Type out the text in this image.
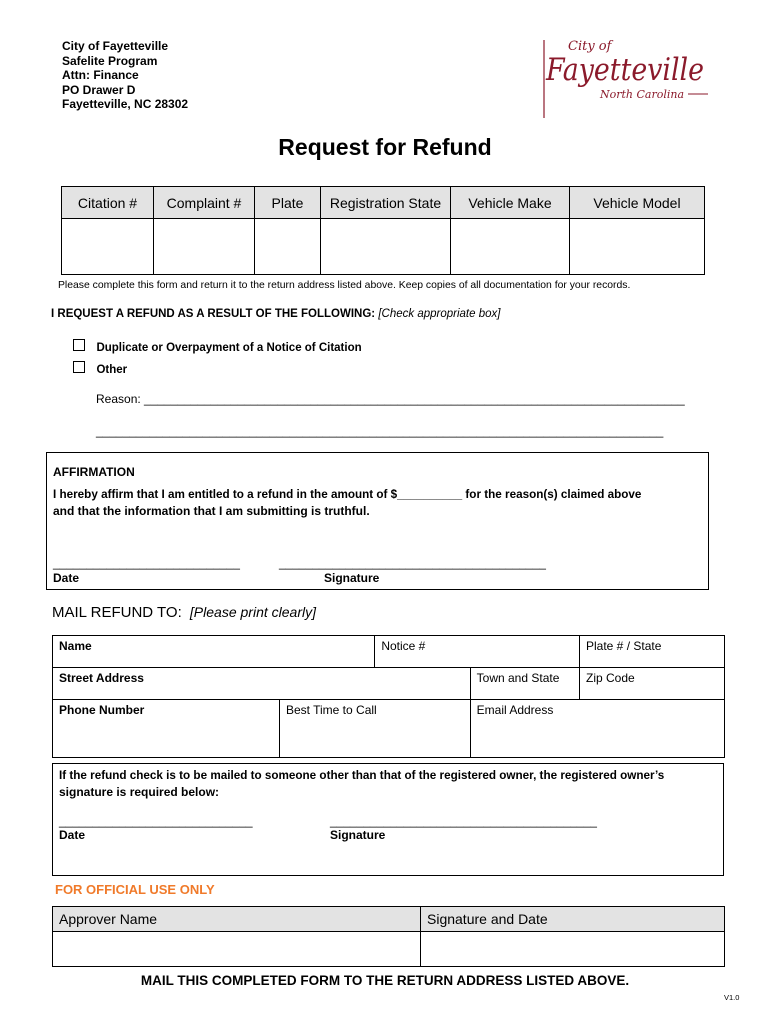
City of Fayetteville
Safelite Program
Attn: Finance
PO Drawer D
Fayetteville, NC 28302
City of
Fayetteville
North Carolina
Request for Refund
Citation #	Complaint #	Plate	Registration State	Vehicle Make	Vehicle Model

Please complete this form and return it to the return address listed above. Keep copies of all documentation for your records.
I REQUEST A REFUND AS A RESULT OF THE FOLLOWING: [Check appropriate box]
Duplicate or Overpayment of a Notice of Citation
Other
Reason: _________________________________________________________________________________
_____________________________________________________________________________________
AFFIRMATION
I hereby affirm that I am entitled to a refund in the amount of $__________ for the reason(s) claimed above
and that the information that I am submitting is truthful.
____________________________	________________________________________
Date	Signature
MAIL REFUND TO: [Please print clearly]
Name		Notice #		Plate # / State
Street Address			Town and State	Zip Code
Phone Number	Best Time to Call		Email Address	
If the refund check is to be mailed to someone other than that of the registered owner, the registered owner’s
signature is required below:
_____________________________	________________________________________
Date	Signature
FOR OFFICIAL USE ONLY
Approver Name	Signature and Date

MAIL THIS COMPLETED FORM TO THE RETURN ADDRESS LISTED ABOVE.
V1.0
